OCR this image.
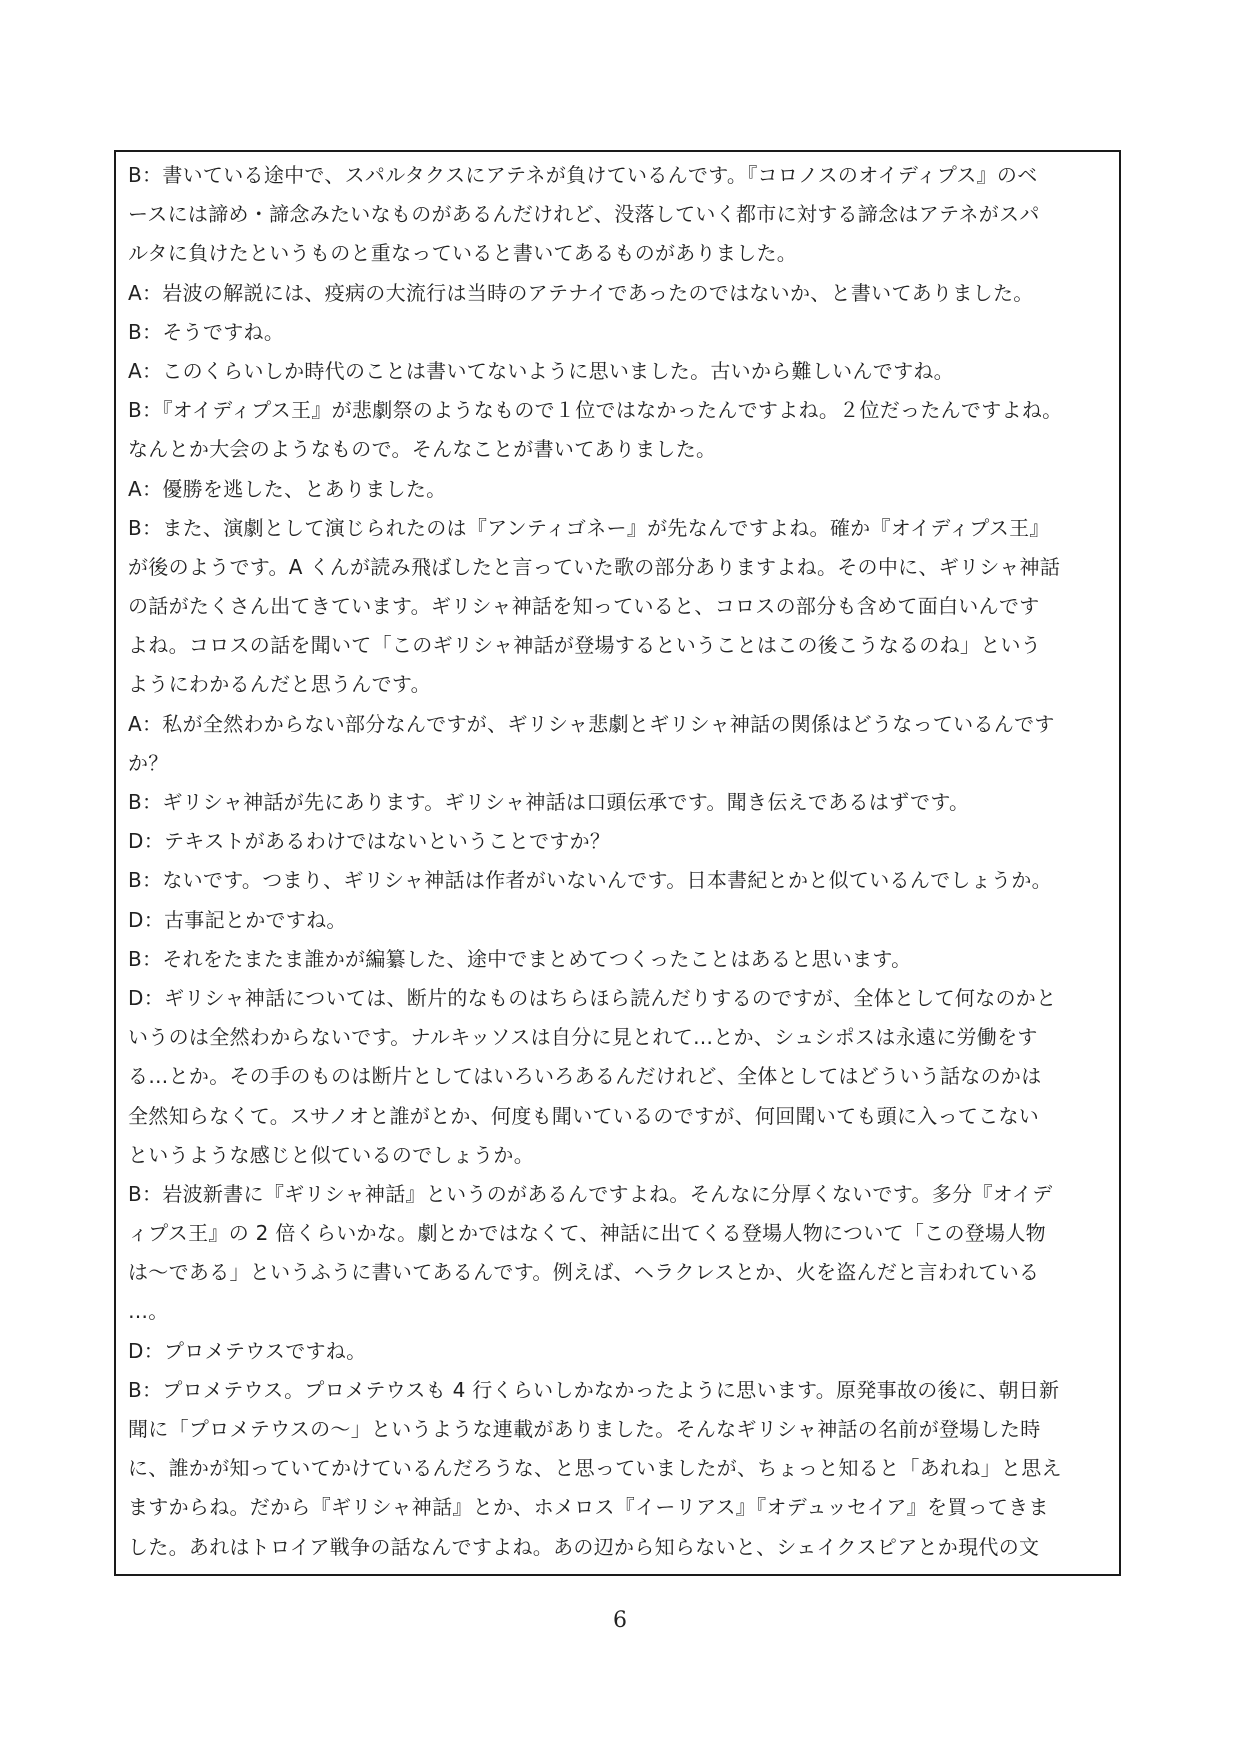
B：書いている途中で、スパルタクスにアテネが負けているんです。『コロノスのオイディプス』のベ
ースには諦め・諦念みたいなものがあるんだけれど、没落していく都市に対する諦念はアテネがスパ
ルタに負けたというものと重なっていると書いてあるものがありました。
A：岩波の解説には、疫病の大流行は当時のアテナイであったのではないか、と書いてありました。
B：そうですね。
A：このくらいしか時代のことは書いてないように思いました。古いから難しいんですね。
B：『オイディプス王』が悲劇祭のようなもので１位ではなかったんですよね。２位だったんですよね。
なんとか大会のようなもので。そんなことが書いてありました。
A：優勝を逃した、とありました。
B：また、演劇として演じられたのは『アンティゴネー』が先なんですよね。確か『オイディプス王』
が後のようです。A くんが読み飛ばしたと言っていた歌の部分ありますよね。その中に、ギリシャ神話
の話がたくさん出てきています。ギリシャ神話を知っていると、コロスの部分も含めて面白いんです
よね。コロスの話を聞いて「このギリシャ神話が登場するということはこの後こうなるのね」という
ようにわかるんだと思うんです。
A：私が全然わからない部分なんですが、ギリシャ悲劇とギリシャ神話の関係はどうなっているんです
か？
B：ギリシャ神話が先にあります。ギリシャ神話は口頭伝承です。聞き伝えであるはずです。
D：テキストがあるわけではないということですか？
B：ないです。つまり、ギリシャ神話は作者がいないんです。日本書紀とかと似ているんでしょうか。
D：古事記とかですね。
B：それをたまたま誰かが編纂した、途中でまとめてつくったことはあると思います。
D：ギリシャ神話については、断片的なものはちらほら読んだりするのですが、全体として何なのかと
いうのは全然わからないです。ナルキッソスは自分に見とれて…とか、シュシポスは永遠に労働をす
る…とか。その手のものは断片としてはいろいろあるんだけれど、全体としてはどういう話なのかは
全然知らなくて。スサノオと誰がとか、何度も聞いているのですが、何回聞いても頭に入ってこない
というような感じと似ているのでしょうか。
B：岩波新書に『ギリシャ神話』というのがあるんですよね。そんなに分厚くないです。多分『オイデ
ィプス王』の 2 倍くらいかな。劇とかではなくて、神話に出てくる登場人物について「この登場人物
は〜である」というふうに書いてあるんです。例えば、ヘラクレスとか、火を盗んだと言われている
…。
D：プロメテウスですね。
B：プロメテウス。プロメテウスも 4 行くらいしかなかったように思います。原発事故の後に、朝日新
聞に「プロメテウスの〜」というような連載がありました。そんなギリシャ神話の名前が登場した時
に、誰かが知っていてかけているんだろうな、と思っていましたが、ちょっと知ると「あれね」と思え
ますからね。だから『ギリシャ神話』とか、ホメロス『イーリアス』『オデュッセイア』を買ってきま
した。あれはトロイア戦争の話なんですよね。あの辺から知らないと、シェイクスピアとか現代の文
6
